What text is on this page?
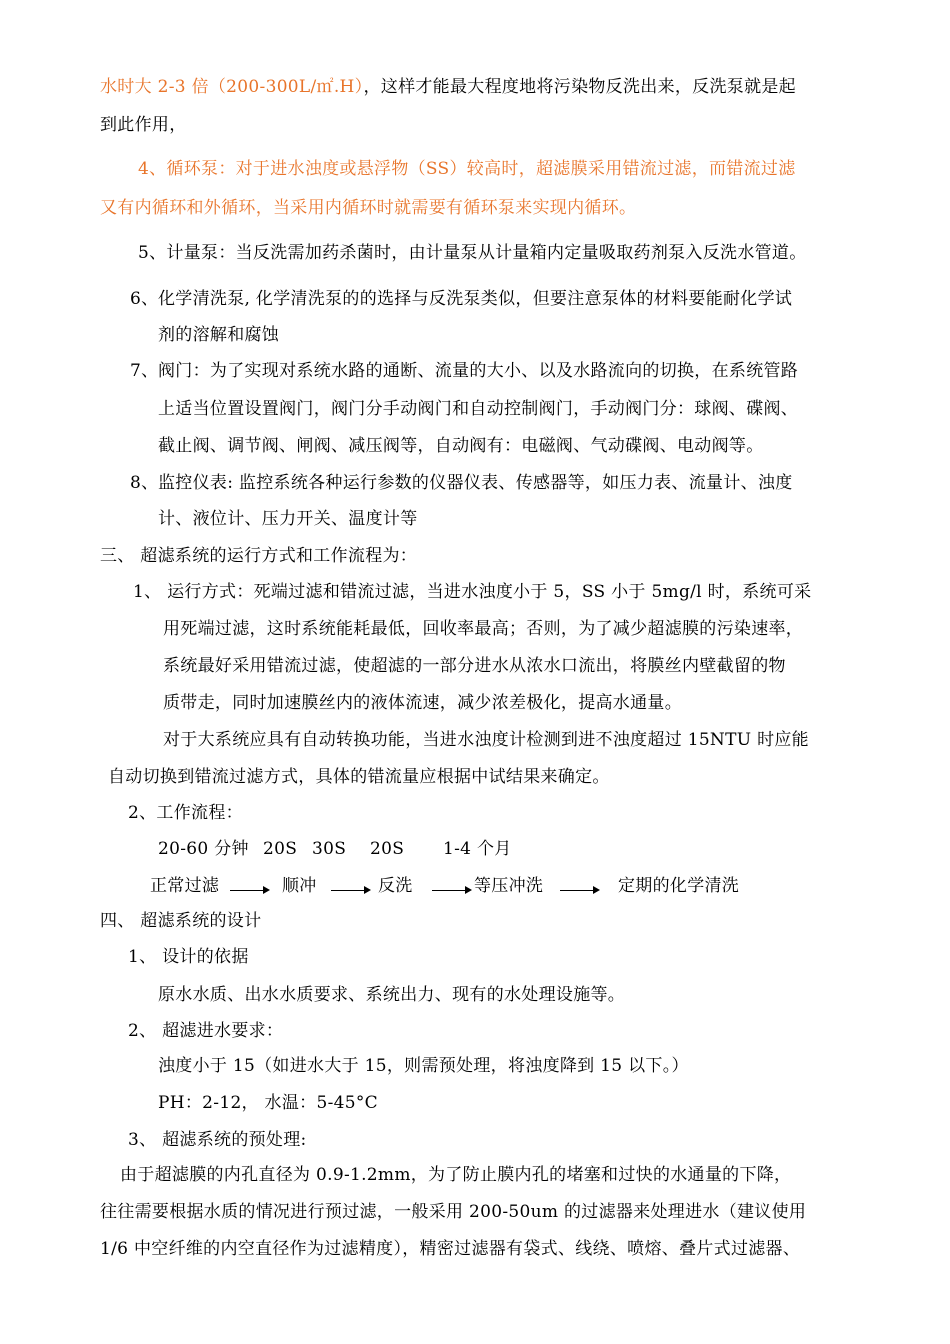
水时大 2-3 倍（200-300L/㎡.H），这样才能最大程度地将污染物反洗出来，反洗泵就是起
到此作用，
4、循环泵：对于进水浊度或悬浮物（SS）较高时，超滤膜采用错流过滤，而错流过滤
又有内循环和外循环，当采用内循环时就需要有循环泵来实现内循环。
5、计量泵：当反洗需加药杀菌时，由计量泵从计量箱内定量吸取药剂泵入反洗水管道。
6、 化学清洗泵, 化学清洗泵的的选择与反洗泵类似，但要注意泵体的材料要能耐化学试
剂的溶解和腐蚀
7、 阀门：为了实现对系统水路的通断、流量的大小、以及水路流向的切换，在系统管路
上适当位置设置阀门，阀门分手动阀门和自动控制阀门，手动阀门分：球阀、碟阀、
截止阀、调节阀、闸阀、减压阀等，自动阀有：电磁阀、气动碟阀、电动阀等。
8、 监控仪表: 监控系统各种运行参数的仪器仪表、传感器等，如压力表、流量计、浊度
计、液位计、压力开关、温度计等
三、 超滤系统的运行方式和工作流程为：
1、 运行方式：死端过滤和错流过滤，当进水浊度小于 5，SS 小于 5mg/l 时，系统可采
用死端过滤，这时系统能耗最低，回收率最高；否则，为了减少超滤膜的污染速率，
系统最好采用错流过滤，使超滤的一部分进水从浓水口流出，将膜丝内壁截留的物
质带走，同时加速膜丝内的液体流速，减少浓差极化，提高水通量。
对于大系统应具有自动转换功能，当进水浊度计检测到进不浊度超过 15NTU 时应能
自动切换到错流过滤方式，具体的错流量应根据中试结果来确定。
2、工作流程：
20-60 分钟 20S 30S 20S 1-4 个月
正常过滤	顺冲	反洗	等压冲洗	定期的化学清洗
四、 超滤系统的设计
1、 设计的依据
原水水质、出水水质要求、系统出力、现有的水处理设施等。
2、 超滤进水要求：
浊度小于 15（如进水大于 15，则需预处理，将浊度降到 15 以下。）
PH：2-12， 水温：5-45°C
3、 超滤系统的预处理:
由于超滤膜的内孔直径为 0.9-1.2mm，为了防止膜内孔的堵塞和过快的水通量的下降，
往往需要根据水质的情况进行预过滤，一般采用 200-50um 的过滤器来处理进水（建议使用
1/6 中空纤维的内空直径作为过滤精度），精密过滤器有袋式、线绕、喷熔、叠片式过滤器、
